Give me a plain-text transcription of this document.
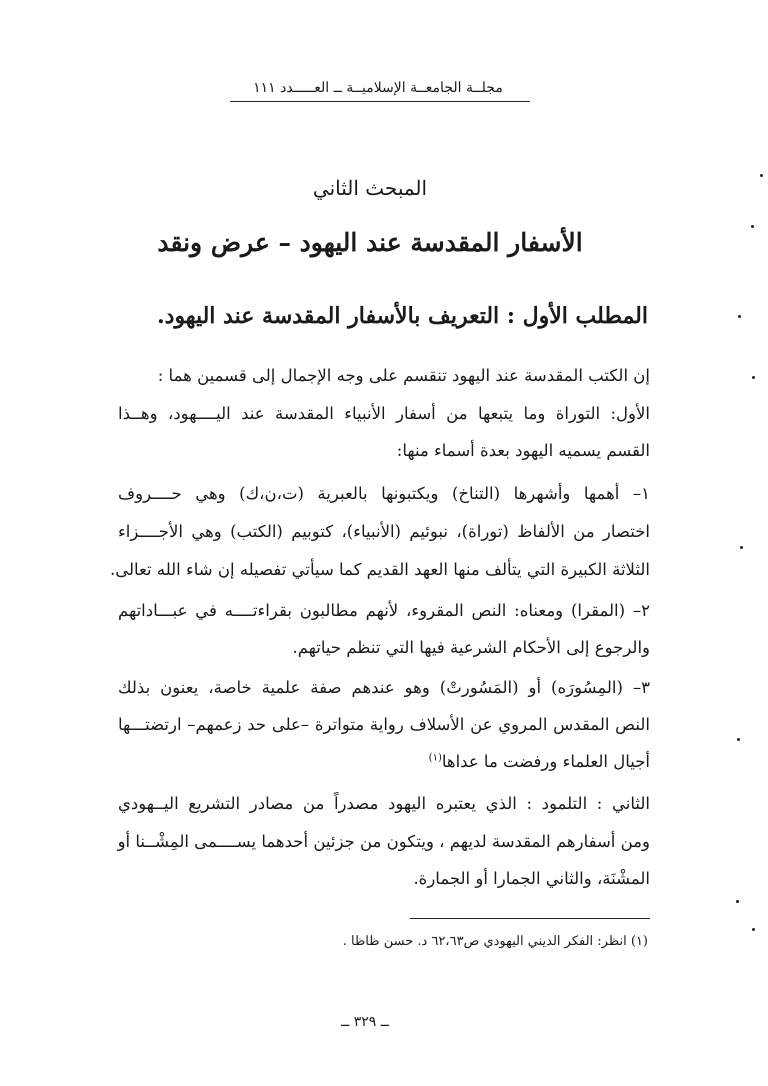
مجلــة الجامعــة الإسلاميــة ــ العـــــدد ١١١
المبحث الثاني
الأسفار المقدسة عند اليهود – عرض ونقد
المطلب الأول : التعريف بالأسفار المقدسة عند اليهود.
إن الكتب المقدسة عند اليهود تنقسم على وجه الإجمال إلى قسمين هما :
الأول: التوراة وما يتبعها من أسفار الأنبياء المقدسة عند اليــــهود، وهــذا
القسم يسميه اليهود بعدة أسماء منها:
١– أهمها وأشهرها (التناخ) ويكتبونها بالعبرية (ت،ن،ك) وهي حــــروف
اختصار من الألفاظ (توراة)، نبوئيم (الأنبياء)، كتوبيم (الكتب) وهي الأجــــزاء
الثلاثة الكبيرة التي يتألف منها العهد القديم كما سيأتي تفصيله إن شاء الله تعالى.
٢– (المقرا) ومعناه: النص المقروء، لأنهم مطالبون بقراءتــــه في عبـــاداتهم
والرجوع إلى الأحكام الشرعية فيها التي تنظم حياتهم.
٣– (المِسُورَه) أو (المَسُورتْ) وهو عندهم صفة علمية خاصة، يعنون بذلك
النص المقدس المروي عن الأسلاف رواية متواترة –على حد زعمهم– ارتضتـــها
أجيال العلماء ورفضت ما عداها$^{(١)}$
الثاني : التلمود : الذي يعتبره اليهود مصدراً من مصادر التشريع اليــهودي
ومن أسفارهم المقدسة لديهم ، ويتكون من جزئين أحدهما يســــمى المِشْــنا أو
المشْنَة، والثاني الجمارا أو الجمارة.
(١) انظر: الفكر الديني اليهودي ص٦٢،٦٣ د. حسن ظاظا .
ــ ٣٢٩ ــ
